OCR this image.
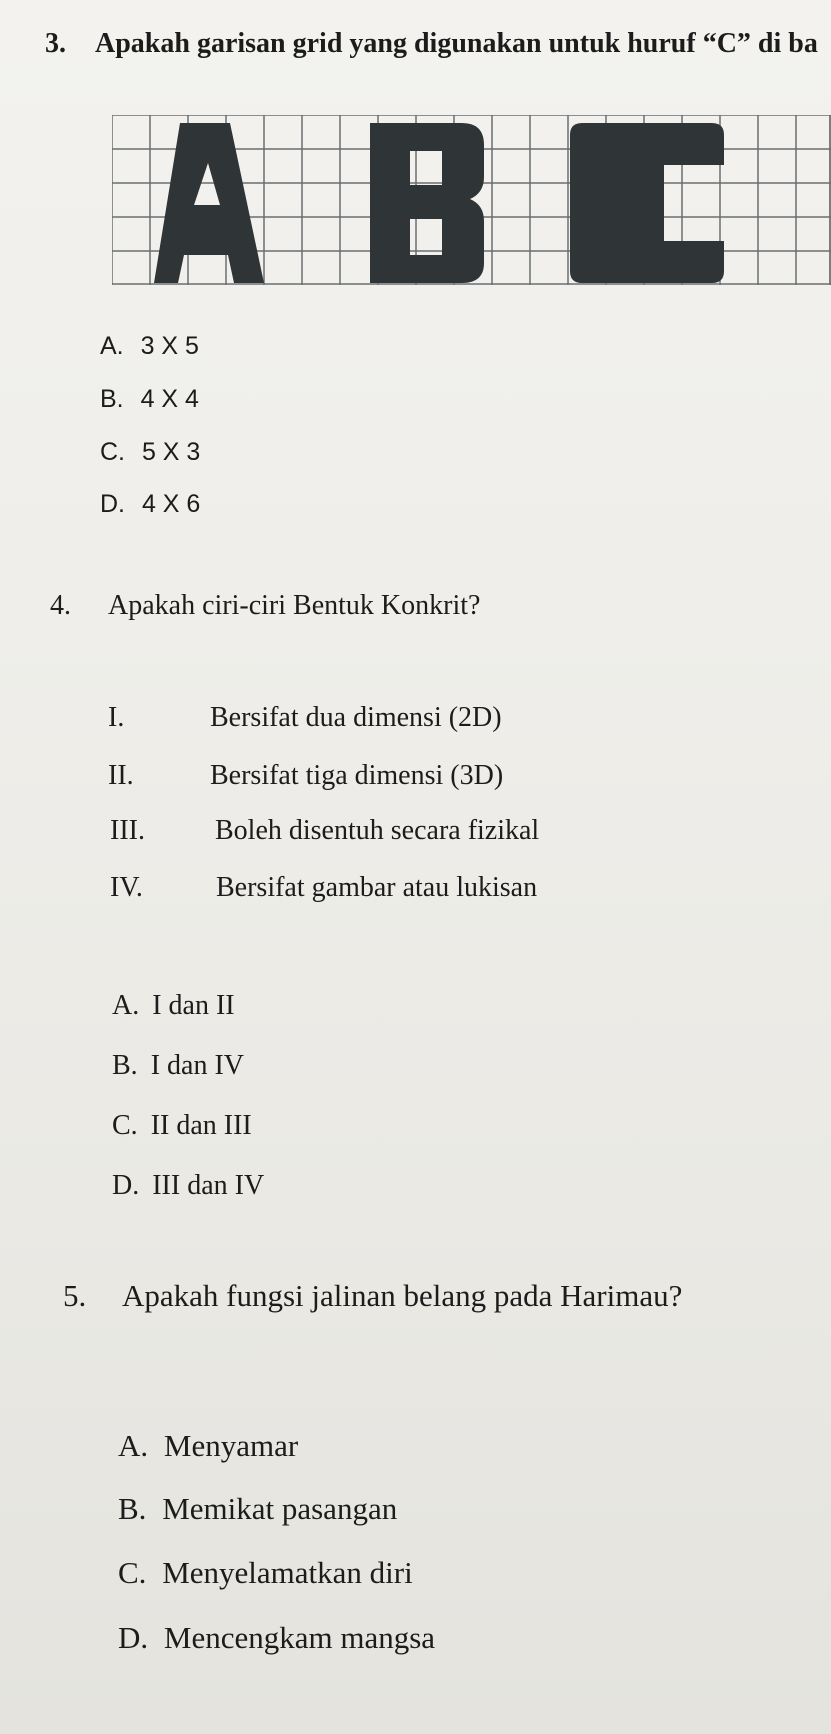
3. Apakah garisan grid yang digunakan untuk huruf “C” di ba
A	B	C
A. 3 X 5
B. 4 X 4
C. 5 X 3
D. 4 X 6
4. Apakah ciri-ciri Bentuk Konkrit?
I.	Bersifat dua dimensi (2D)
II.	Bersifat tiga dimensi (3D)
III.	Boleh disentuh secara fizikal
IV.	Bersifat gambar atau lukisan
A. I dan II
B. I dan IV
C. II dan III
D. III dan IV
5. Apakah fungsi jalinan belang pada Harimau?
A. Menyamar
B. Memikat pasangan
C. Menyelamatkan diri
D. Mencengkam mangsa
